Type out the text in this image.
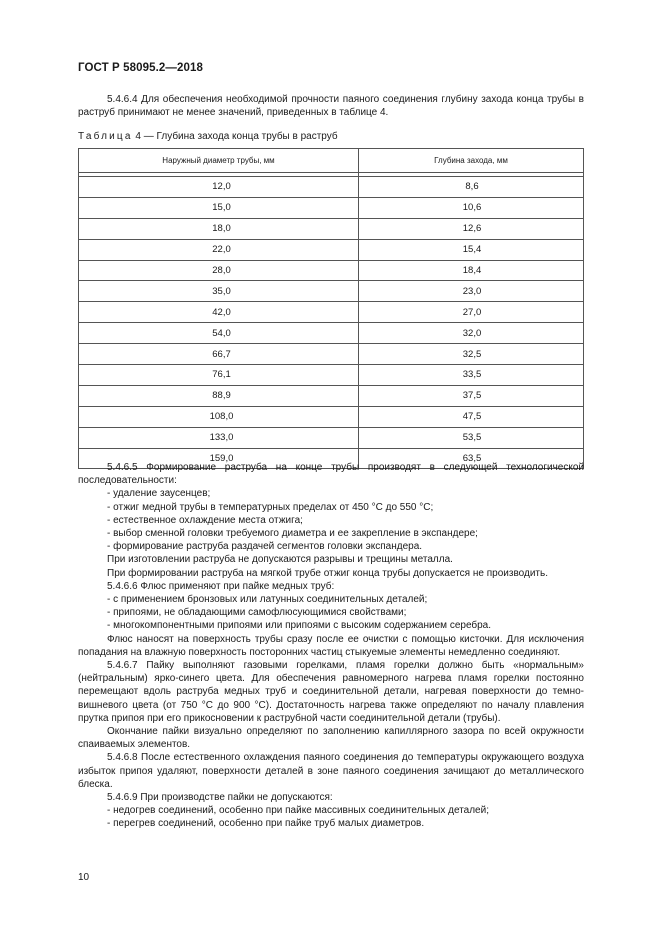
ГОСТ Р 58095.2—2018
5.4.6.4 Для обеспечения необходимой прочности паяного соединения глубину захода конца трубы в раструб принимают не менее значений, приведенных в таблице 4.
Таблица 4 — Глубина захода конца трубы в раструб
Наружный диаметр трубы, мм	Глубина захода, мм

12,0	8,6
15,0	10,6
18,0	12,6
22,0	15,4
28,0	18,4
35,0	23,0
42,0	27,0
54,0	32,0
66,7	32,5
76,1	33,5
88,9	37,5
108,0	47,5
133,0	53,5
159,0	63,5

5.4.6.5 Формирование раструба на конце трубы производят в следующей технологической последовательности:

- удаление заусенцев;

- отжиг медной трубы в температурных пределах от 450 °С до 550 °С;

- естественное охлаждение места отжига;

- выбор сменной головки требуемого диаметра и ее закрепление в экспандере;

- формирование раструба раздачей сегментов головки экспандера.

При изготовлении раструба не допускаются разрывы и трещины металла.

При формировании раструба на мягкой трубе отжиг конца трубы допускается не производить.

5.4.6.6 Флюс применяют при пайке медных труб:

- с применением бронзовых или латунных соединительных деталей;

- припоями, не обладающими самофлюсующимися свойствами;

- многокомпонентными припоями или припоями с высоким содержанием серебра.

Флюс наносят на поверхность трубы сразу после ее очистки с помощью кисточки. Для исключения попадания на влажную поверхность посторонних частиц стыкуемые элементы немедленно соединяют.

5.4.6.7 Пайку выполняют газовыми горелками, пламя горелки должно быть «нормальным» (нейтральным) ярко-синего цвета. Для обеспечения равномерного нагрева пламя горелки постоянно перемещают вдоль раструба медных труб и соединительной детали, нагревая поверхности до темно-вишневого цвета (от 750 °С до 900 °С). Достаточность нагрева также определяют по началу плавления прутка припоя при его прикосновении к раструбной части соединительной детали (трубы).

Окончание пайки визуально определяют по заполнению капиллярного зазора по всей окружности спаиваемых элементов.

5.4.6.8 После естественного охлаждения паяного соединения до температуры окружающего воздуха избыток припоя удаляют, поверхности деталей в зоне паяного соединения зачищают до металлического блеска.

5.4.6.9 При производстве пайки не допускаются:

- недогрев соединений, особенно при пайке массивных соединительных деталей;

- перегрев соединений, особенно при пайке труб малых диаметров.

10
